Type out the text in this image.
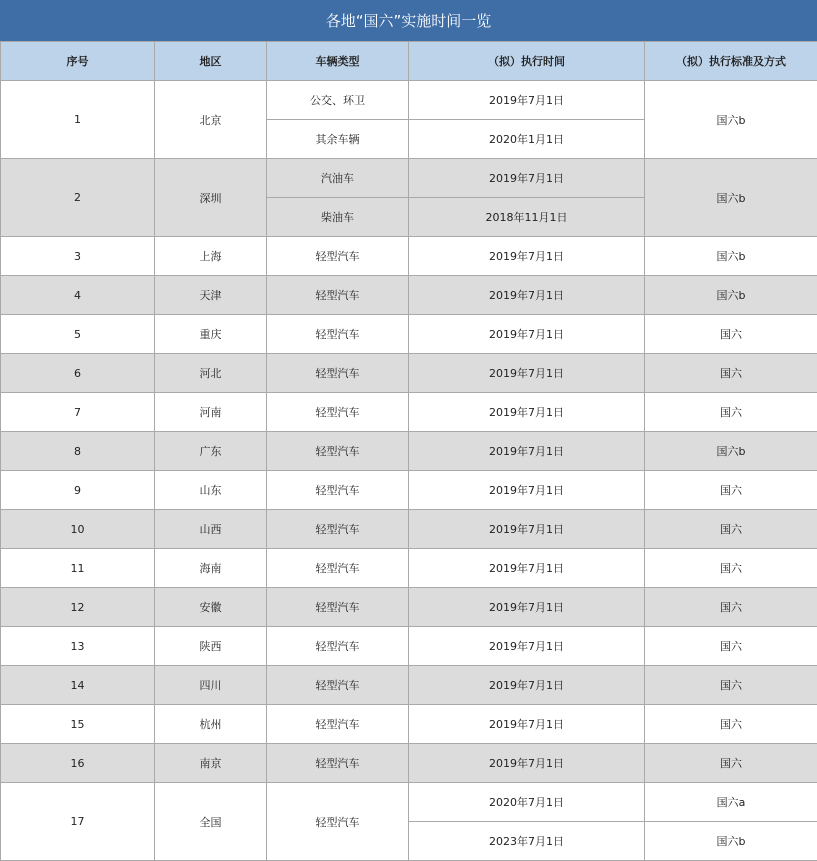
各地“国六”实施时间一览
序号	地区	车辆类型	（拟）执行时间	（拟）执行标准及方式
1	北京	公交、环卫	2019年7月1日	国六b
		其余车辆	2020年1月1日	
2	深圳	汽油车	2019年7月1日	国六b
		柴油车	2018年11月1日	
3	上海	轻型汽车	2019年7月1日	国六b
4	天津	轻型汽车	2019年7月1日	国六b
5	重庆	轻型汽车	2019年7月1日	国六
6	河北	轻型汽车	2019年7月1日	国六
7	河南	轻型汽车	2019年7月1日	国六
8	广东	轻型汽车	2019年7月1日	国六b
9	山东	轻型汽车	2019年7月1日	国六
10	山西	轻型汽车	2019年7月1日	国六
11	海南	轻型汽车	2019年7月1日	国六
12	安徽	轻型汽车	2019年7月1日	国六
13	陕西	轻型汽车	2019年7月1日	国六
14	四川	轻型汽车	2019年7月1日	国六
15	杭州	轻型汽车	2019年7月1日	国六
16	南京	轻型汽车	2019年7月1日	国六
17	全国	轻型汽车	2020年7月1日	国六a
			2023年7月1日	国六b
